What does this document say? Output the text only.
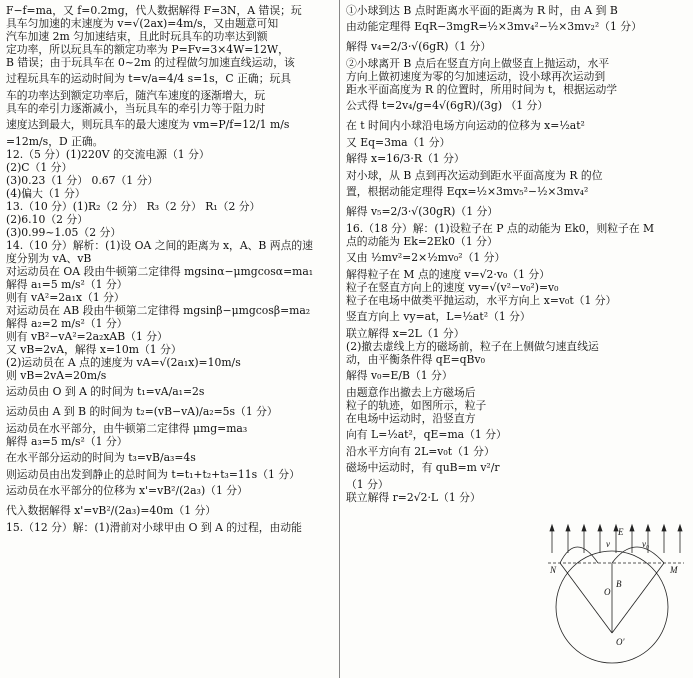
F−f=ma，又 f=0.2mg，代人数据解得 F=3N，A 错误；玩
具车匀加速的末速度为 v=√(2ax)=4m/s，又由题意可知
汽车加速 2m 匀加速结束，且此时玩具车的功率达到额
定功率，所以玩具车的额定功率为 P=Fv=3×4W=12W，
B 错误；由于玩具车在 0~2m 的过程做匀加速直线运动，该
过程玩具车的运动时间为 t=v/a=4/4 s=1s，C 正确；玩具
车的功率达到额定功率后，随汽车速度的逐渐增大，玩
具车的牵引力逐渐减小，当玩具车的牵引力等于阻力时
速度达到最大，则玩具车的最大速度为 vm=P/f=12/1 m/s
=12m/s，D 正确。
12.（5 分）(1)220V 的交流电源（1 分）
(2)C（1 分）
(3)0.23（1 分） 0.67（1 分）
(4)偏大（1 分）
13.（10 分）(1)R₂（2 分） R₃（2 分） R₁（2 分）
(2)6.10（2 分）
(3)0.99~1.05（2 分）
14.（10 分）解析：(1)设 OA 之间的距离为 x，A、B 两点的速
度分别为 vA、vB
对运动员在 OA 段由牛顿第二定律得 mgsinα−μmgcosα=ma₁
解得 a₁=5 m/s²（1 分）
则有 vA²=2a₁x（1 分）
对运动员在 AB 段由牛顿第二定律得 mgsinβ−μmgcosβ=ma₂
解得 a₂=2 m/s²（1 分）
则有 vB²−vA²=2a₂xAB（1 分）
又 vB=2vA，解得 x=10m（1 分）
(2)运动员在 A 点的速度为 vA=√(2a₁x)=10m/s
则 vB=2vA=20m/s
运动员由 O 到 A 的时间为 t₁=vA/a₁=2s
运动员由 A 到 B 的时间为 t₂=(vB−vA)/a₂=5s（1 分）
运动员在水平部分，由牛顿第二定律得 μmg=ma₃
解得 a₃=5 m/s²（1 分）
在水平部分运动的时间为 t₃=vB/a₃=4s
则运动员由出发到静止的总时间为 t=t₁+t₂+t₃=11s（1 分）
运动员在水平部分的位移为 x'=vB²/(2a₃)（1 分）
代入数据解得 x'=vB²/(2a₃)=40m（1 分）
15.（12 分）解：(1)滑前对小球甲由 O 到 A 的过程，由动能
①小球到达 B 点时距离水平面的距离为 R 时，由 A 到 B
由动能定理得 EqR−3mgR=½×3mv₄²−½×3mv₂²（1 分）
解得 v₄=2/3·√(6gR)（1 分）
②小球离开 B 点后在竖直方向上做竖直上抛运动，水平
方向上做初速度为零的匀加速运动，设小球再次运动到
距水平面高度为 R 的位置时，所用时间为 t，根据运动学
公式得 t=2v₄/g=4√(6gR)/(3g) （1 分）
在 t 时间内小球沿电场方向运动的位移为 x=½at²
又 Eq=3ma（1 分）
解得 x=16/3·R（1 分）
对小球，从 B 点到再次运动到距水平面高度为 R 的位
置，根据动能定理得 Eqx=½×3mv₅²−½×3mv₄²
解得 v₅=2/3·√(30gR)（1 分）
16.（18 分）解：(1)设粒子在 P 点的动能为 Ek0，则粒子在 M
点的动能为 Ek=2Ek0（1 分）
又由 ½mv²=2×½mv₀²（1 分）
解得粒子在 M 点的速度 v=√2·v₀（1 分）
粒子在竖直方向上的速度 vy=√(v²−v₀²)=v₀
粒子在电场中做类平抛运动，水平方向上 x=v₀t（1 分）
竖直方向上 vy=at，L=½at²（1 分）
联立解得 x=2L（1 分）
(2)撤去虚线上方的磁场前，粒子在上侧做匀速直线运
动，由平衡条件得 qE=qBv₀
解得 v₀=E/B（1 分）
由题意作出撤去上方磁场后
粒子的轨迹，如图所示，粒子
在电场中运动时，沿竖直方
向有 L=½at²，qE=ma（1 分）
沿水平方向有 2L=v₀t（1 分）
磁场中运动时，有 quB=m v²/r
（1 分）
联立解得 r=2√2·L（1 分）
E
N	M
O
O'
B
v	v₀
